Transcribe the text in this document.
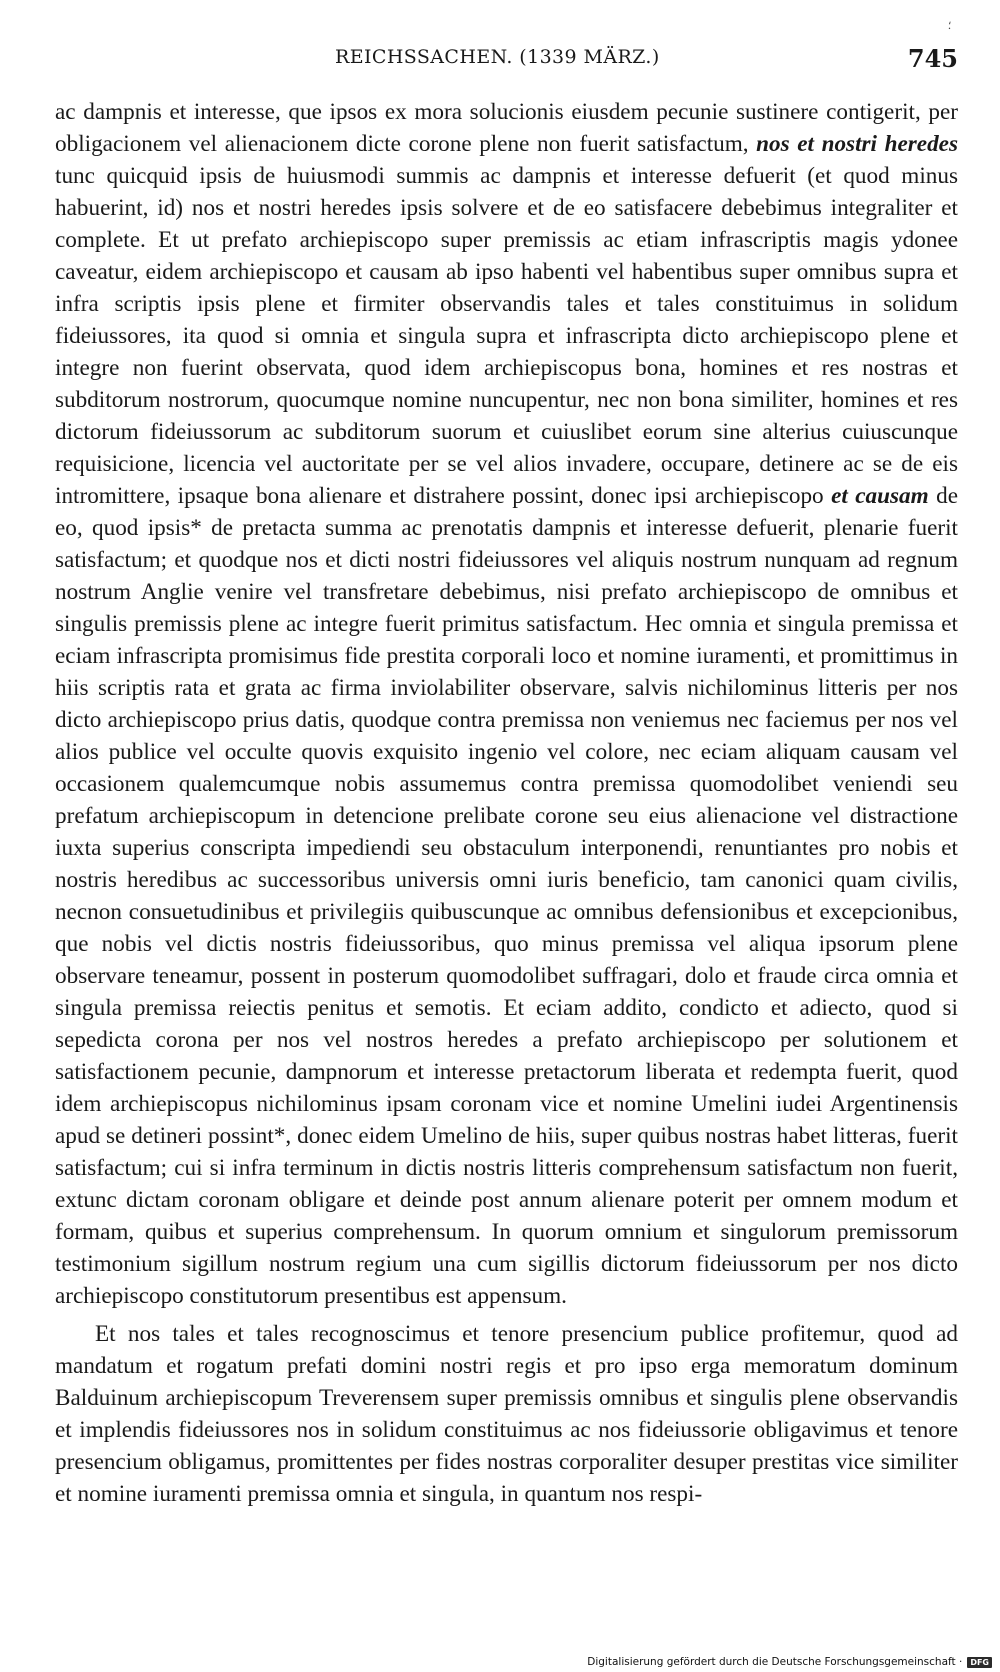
⸵
REICHSSACHEN. (1339 MÄRZ.)	745

ac dampnis et interesse, que ipsos ex mora solucionis eiusdem pecunie sustinere contigerit, per obligacionem vel alienacionem dicte corone plene non fuerit satisfactum, nos et nostri heredes tunc quicquid ipsis de huiusmodi summis ac dampnis et interesse defuerit (et quod minus habuerint, id) nos et nostri heredes ipsis solvere et de eo satisfacere debebimus integraliter et complete. Et ut prefato archiepiscopo super premissis ac etiam infrascriptis magis ydonee caveatur, eidem archiepiscopo et causam ab ipso habenti vel habentibus super omnibus supra et infra scriptis ipsis plene et firmiter observandis tales et tales constituimus in solidum fideiussores, ita quod si omnia et singula supra et infrascripta dicto archiepiscopo plene et integre non fuerint observata, quod idem archiepiscopus bona, homines et res nostras et subditorum nostrorum, quocumque nomine nuncupentur, nec non bona similiter, homines et res dictorum fideiussorum ac subditorum suorum et cuiuslibet eorum sine alterius cuiuscunque requisicione, licencia vel auctoritate per se vel alios invadere, occupare, detinere ac se de eis intromittere, ipsaque bona alienare et distrahere possint, donec ipsi archiepiscopo et causam de eo, quod ipsis* de pretacta summa ac prenotatis dampnis et interesse defuerit, plenarie fuerit satisfactum; et quodque nos et dicti nostri fideiussores vel aliquis nostrum nunquam ad regnum nostrum Anglie venire vel transfretare debebimus, nisi prefato archiepiscopo de omnibus et singulis premissis plene ac integre fuerit primitus satisfactum. Hec omnia et singula premissa et eciam infrascripta promisimus fide prestita corporali loco et nomine iuramenti, et promittimus in hiis scriptis rata et grata ac firma inviolabiliter observare, salvis nichilominus litteris per nos dicto archiepiscopo prius datis, quodque contra premissa non veniemus nec faciemus per nos vel alios publice vel occulte quovis exquisito ingenio vel colore, nec eciam aliquam causam vel occasionem qualemcumque nobis assumemus contra premissa quomodolibet veniendi seu prefatum archiepiscopum in detencione prelibate corone seu eius alienacione vel distractione iuxta superius conscripta impediendi seu obstaculum interponendi, renuntiantes pro nobis et nostris heredibus ac successoribus universis omni iuris beneficio, tam canonici quam civilis, necnon consuetudinibus et privilegiis quibuscunque ac omnibus defensionibus et excepcionibus, que nobis vel dictis nostris fideiussoribus, quo minus premissa vel aliqua ipsorum plene observare teneamur, possent in posterum quomodolibet suffragari, dolo et fraude circa omnia et singula premissa reiectis penitus et semotis. Et eciam addito, condicto et adiecto, quod si sepedicta corona per nos vel nostros heredes a prefato archiepiscopo per solutionem et satisfactionem pecunie, dampnorum et interesse pretactorum liberata et redempta fuerit, quod idem archiepiscopus nichilominus ipsam coronam vice et nomine Umelini iudei Argentinensis apud se detineri possint*, donec eidem Umelino de hiis, super quibus nostras habet litteras, fuerit satisfactum; cui si infra terminum in dictis nostris litteris comprehensum satisfactum non fuerit, extunc dictam coronam obligare et deinde post annum alienare poterit per omnem modum et formam, quibus et superius comprehensum. In quorum omnium et singulorum premissorum testimonium sigillum nostrum regium una cum sigillis dictorum fideiussorum per nos dicto archiepiscopo constitutorum presentibus est appensum.

Et nos tales et tales recognoscimus et tenore presencium publice profitemur, quod ad mandatum et rogatum prefati domini nostri regis et pro ipso erga memoratum dominum Balduinum archiepiscopum Treverensem super premissis omnibus et singulis plene observandis et implendis fideiussores nos in solidum constituimus ac nos fideiussorie obligavimus et tenore presencium obligamus, promittentes per fides nostras corporaliter desuper prestitas vice similiter et nomine iuramenti premissa omnia et singula, in quantum nos respi-

Digitalisierung gefördert durch die Deutsche Forschungsgemeinschaft ·	DFG
